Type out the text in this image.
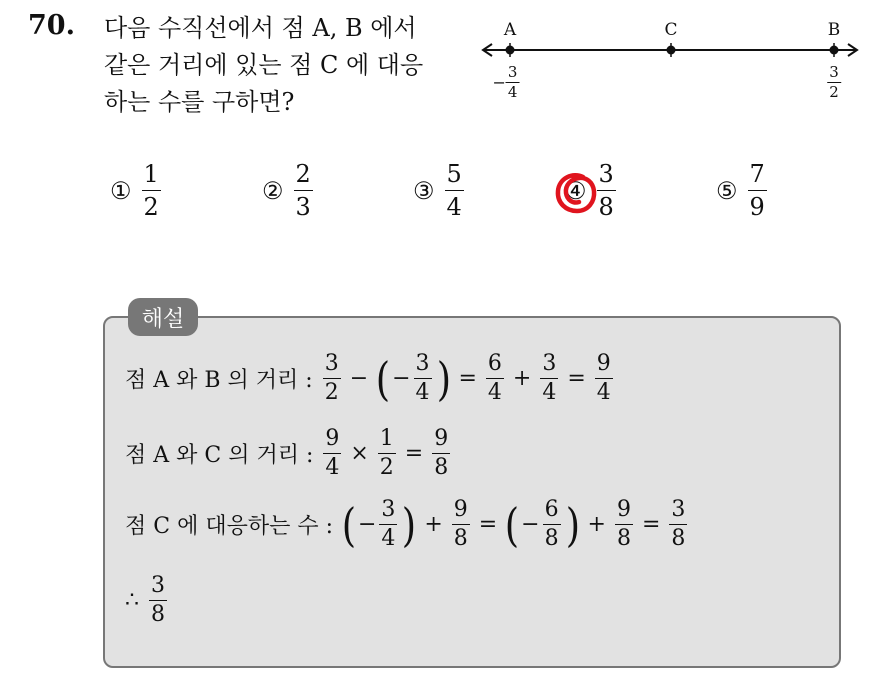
70. 다음 수직선에서 점 A, B 에서
같은 거리에 있는 점 C 에 대응
하는 수를 구하면?
A	C	B
− $\frac{3}{4}$	$\frac{3}{2}$
① $\frac{1}{2}$	② $\frac{2}{3}$	③ $\frac{5}{4}$	④ $\frac{3}{8}$	⑤ $\frac{7}{9}$
해설
점 A 와 B 의 거리 :
$\frac{3}{2}$ − ( − $\frac{3}{4}$ ) = $\frac{6}{4} + \frac{3}{4} = \frac{9}{4}$
점 A 와 C 의 거리 :
$\frac{9}{4} \times \frac{1}{2} = \frac{9}{8}$
점 C 에 대응하는 수 :
( − $\frac{3}{4}$ ) + $\frac{9}{8}$ = ( − $\frac{6}{8}$ ) + $\frac{9}{8} = \frac{3}{8}$
∴
$\frac{3}{8}$
